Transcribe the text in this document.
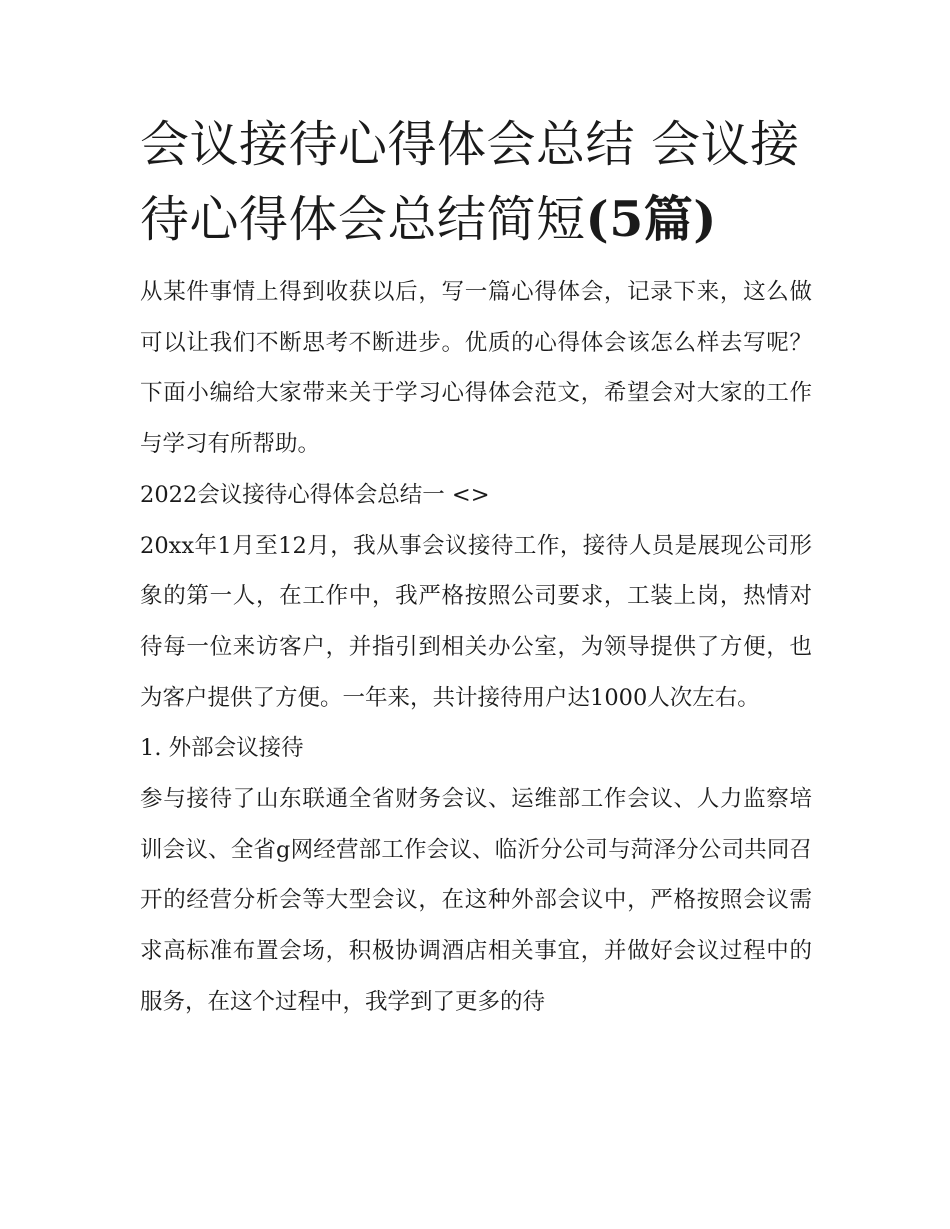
会议接待心得体会总结 会议接待心得体会总结简短(5篇)

从某件事情上得到收获以后，写一篇心得体会，记录下来，这么做可以让我们不断思考不断进步。优质的心得体会该怎么样去写呢？下面小编给大家带来关于学习心得体会范文，希望会对大家的工作与学习有所帮助。

2022会议接待心得体会总结一 <>

20xx年1月至12月，我从事会议接待工作，接待人员是展现公司形象的第一人，在工作中，我严格按照公司要求，工装上岗，热情对待每一位来访客户，并指引到相关办公室，为领导提供了方便，也为客户提供了方便。一年来，共计接待用户达1000人次左右。

1. 外部会议接待

参与接待了山东联通全省财务会议、运维部工作会议、人力监察培训会议、全省g网经营部工作会议、临沂分公司与菏泽分公司共同召开的经营分析会等大型会议，在这种外部会议中，严格按照会议需求高标准布置会场，积极协调酒店相关事宜，并做好会议过程中的服务，在这个过程中，我学到了更多的待
